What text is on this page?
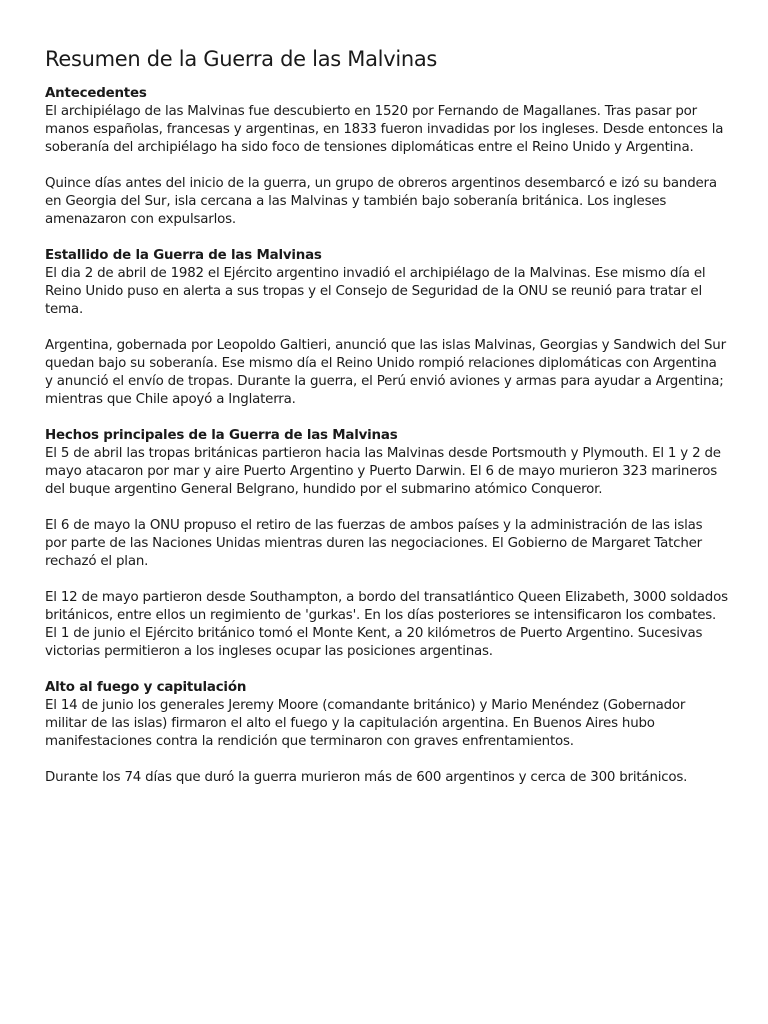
Resumen de la Guerra de las Malvinas
Antecedentes

El archipiélago de las Malvinas fue descubierto en 1520 por Fernando de Magallanes. Tras pasar por manos españolas, francesas y argentinas, en 1833 fueron invadidas por los ingleses. Desde entonces la soberanía del archipiélago ha sido foco de tensiones diplomáticas entre el Reino Unido y Argentina.

Quince días antes del inicio de la guerra, un grupo de obreros argentinos desembarcó e izó su bandera en Georgia del Sur, isla cercana a las Malvinas y también bajo soberanía británica. Los ingleses amenazaron con expulsarlos.

Estallido de la Guerra de las Malvinas

El dia 2 de abril de 1982 el Ejército argentino invadió el archipiélago de la Malvinas. Ese mismo día el Reino Unido puso en alerta a sus tropas y el Consejo de Seguridad de la ONU se reunió para tratar el tema.

Argentina, gobernada por Leopoldo Galtieri, anunció que las islas Malvinas, Georgias y Sandwich del Sur quedan bajo su soberanía. Ese mismo día el Reino Unido rompió relaciones diplomáticas con Argentina y anunció el envío de tropas. Durante la guerra, el Perú envió aviones y armas para ayudar a Argentina; mientras que Chile apoyó a Inglaterra.

Hechos principales de la Guerra de las Malvinas

El 5 de abril las tropas británicas partieron hacia las Malvinas desde Portsmouth y Plymouth. El 1 y 2 de mayo atacaron por mar y aire Puerto Argentino y Puerto Darwin. El 6 de mayo murieron 323 marineros del buque argentino General Belgrano, hundido por el submarino atómico Conqueror.

El 6 de mayo la ONU propuso el retiro de las fuerzas de ambos países y la administración de las islas por parte de las Naciones Unidas mientras duren las negociaciones. El Gobierno de Margaret Tatcher rechazó el plan.

El 12 de mayo partieron desde Southampton, a bordo del transatlántico Queen Elizabeth, 3000 soldados británicos, entre ellos un regimiento de 'gurkas'. En los días posteriores se intensificaron los combates. El 1 de junio el Ejército británico tomó el Monte Kent, a 20 kilómetros de Puerto Argentino. Sucesivas victorias permitieron a los ingleses ocupar las posiciones argentinas.

Alto al fuego y capitulación

El 14 de junio los generales Jeremy Moore (comandante británico) y Mario Menéndez (Gobernador militar de las islas) firmaron el alto el fuego y la capitulación argentina. En Buenos Aires hubo manifestaciones contra la rendición que terminaron con graves enfrentamientos.

Durante los 74 días que duró la guerra murieron más de 600 argentinos y cerca de 300 británicos.
